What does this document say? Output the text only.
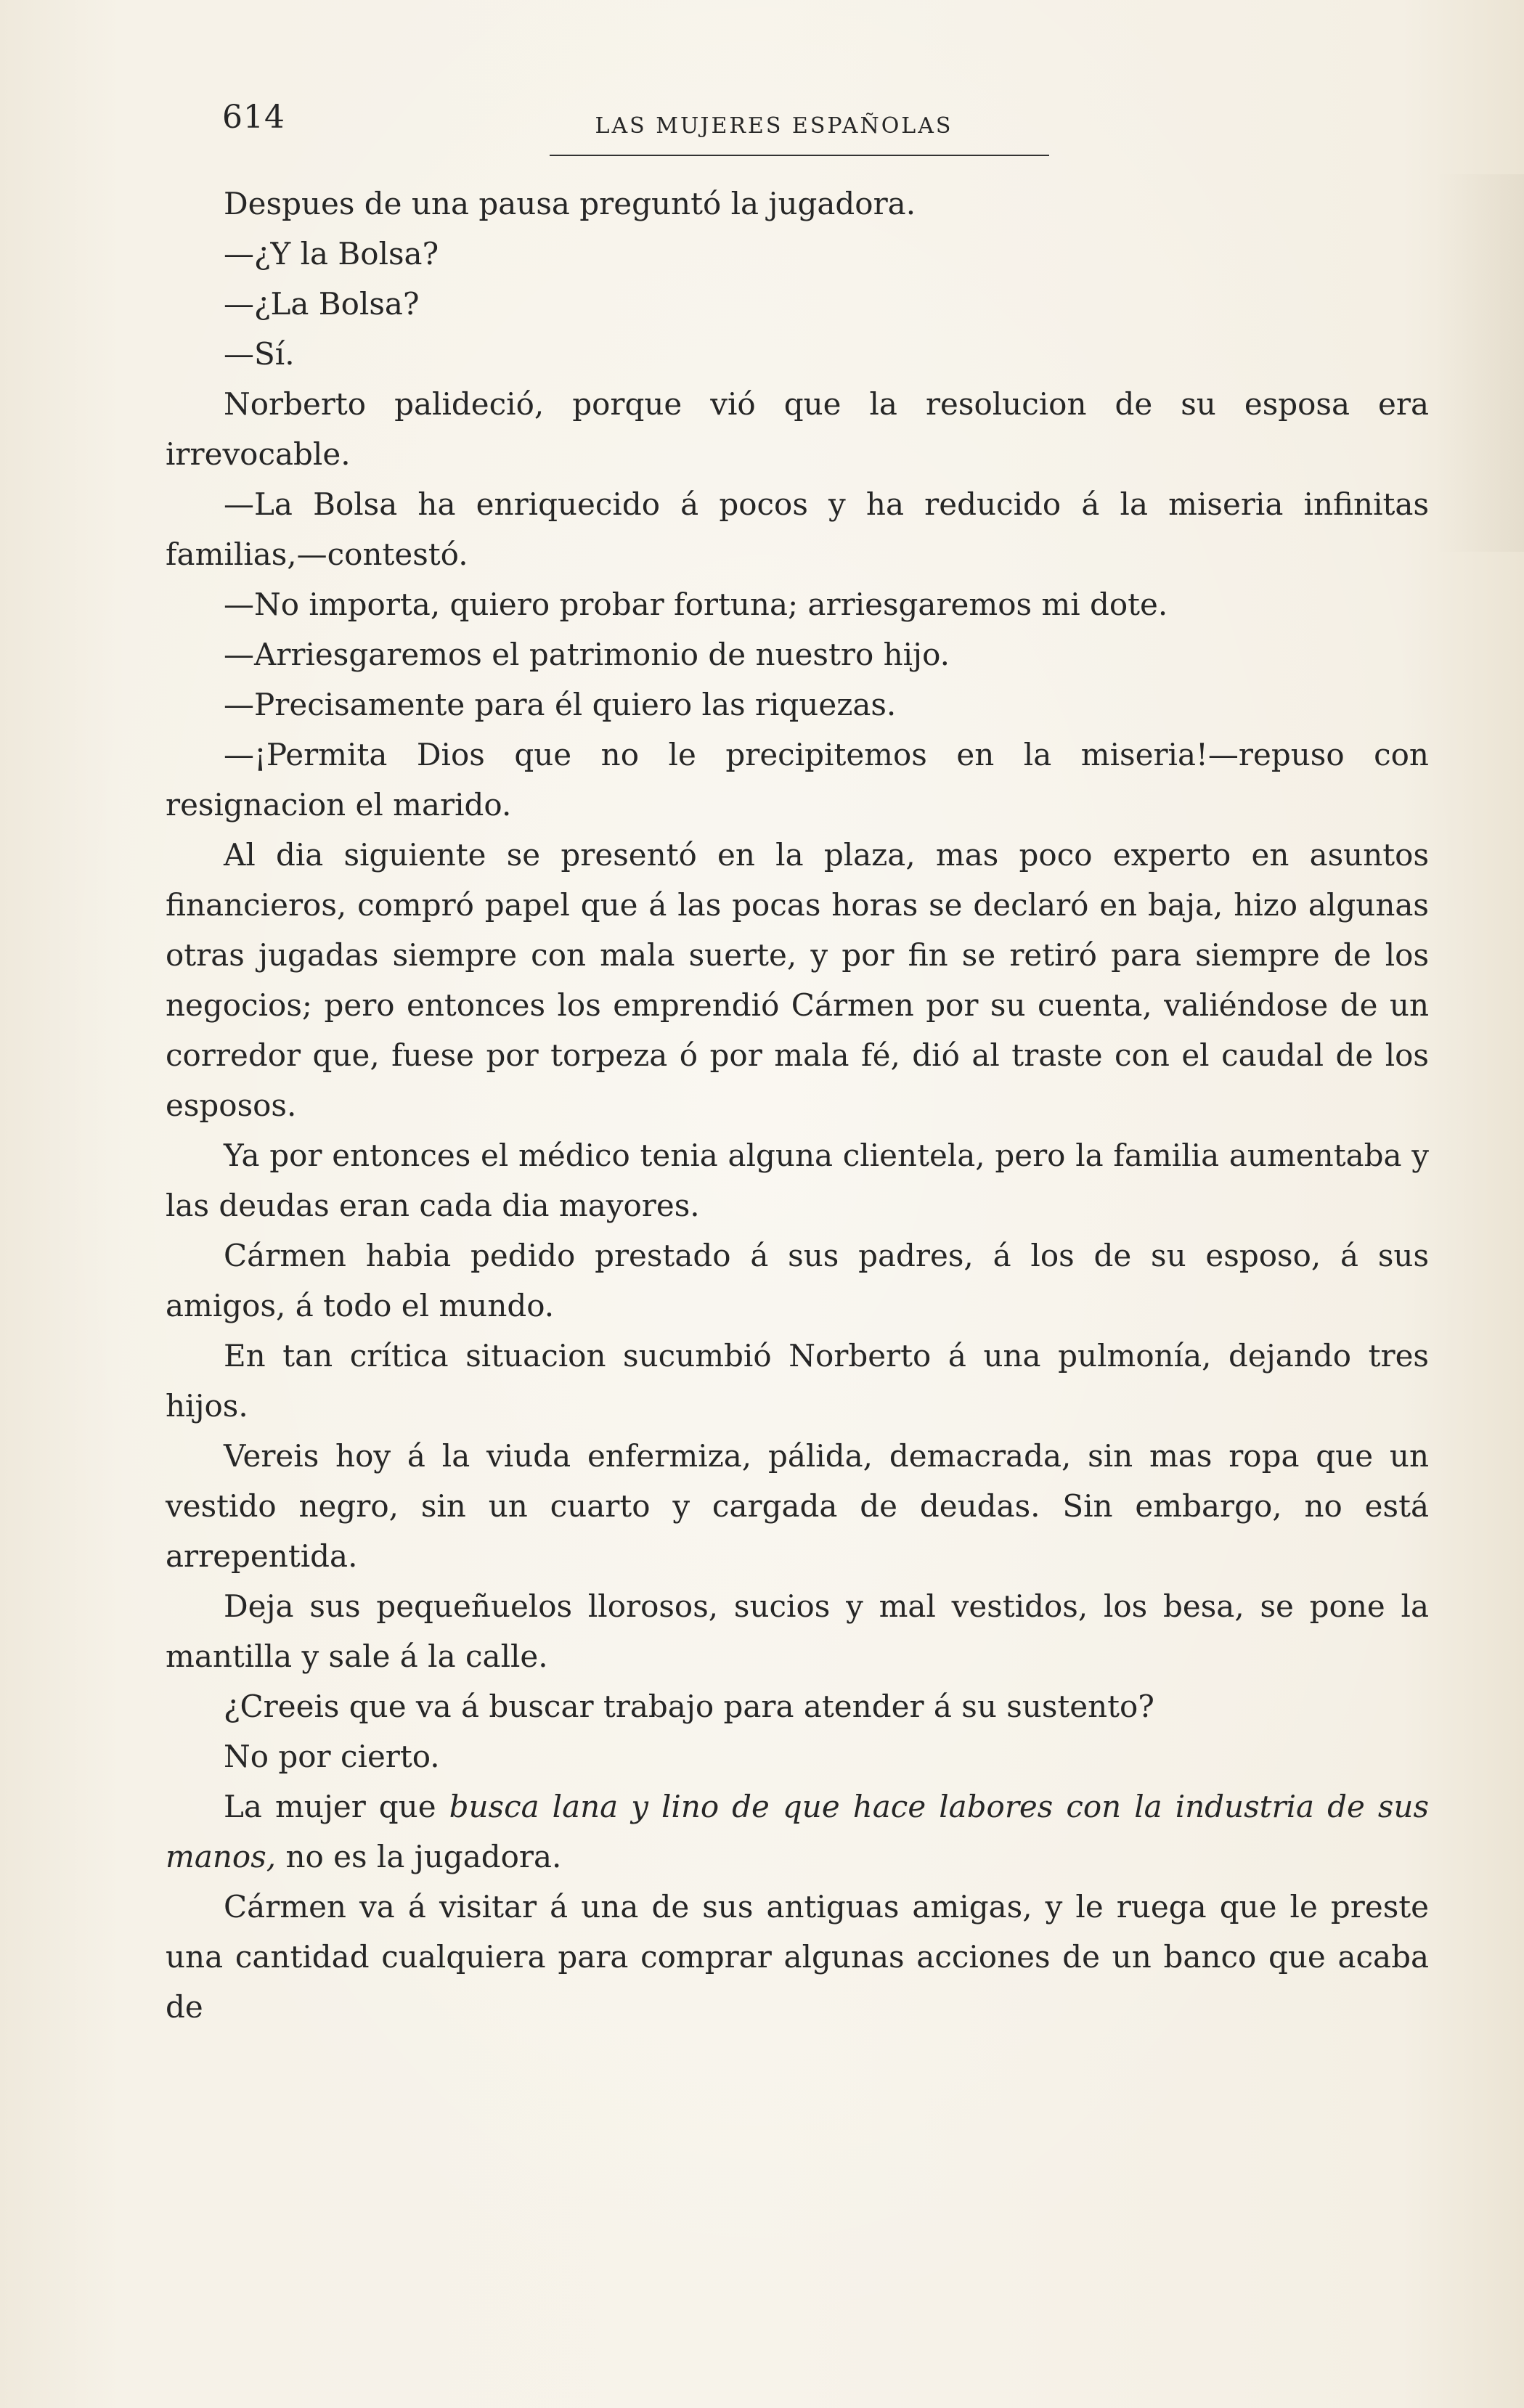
614	LAS MUJERES ESPAÑOLAS

Despues de una pausa preguntó la jugadora.

—¿Y la Bolsa?

—¿La Bolsa?

—Sí.

Norberto palideció, porque vió que la resolucion de su esposa era irrevocable.

—La Bolsa ha enriquecido á pocos y ha reducido á la miseria infinitas familias,—contestó.

—No importa, quiero probar fortuna; arriesgaremos mi dote.

—Arriesgaremos el patrimonio de nuestro hijo.

—Precisamente para él quiero las riquezas.

—¡Permita Dios que no le precipitemos en la miseria!—repuso con resignacion el marido.

Al dia siguiente se presentó en la plaza, mas poco experto en asuntos financieros, compró papel que á las pocas horas se declaró en baja, hizo algunas otras jugadas siempre con mala suerte, y por fin se retiró para siempre de los negocios; pero entonces los emprendió Cármen por su cuenta, valiéndose de un corredor que, fuese por torpeza ó por mala fé, dió al traste con el caudal de los esposos.

Ya por entonces el médico tenia alguna clientela, pero la familia aumentaba y las deudas eran cada dia mayores.

Cármen habia pedido prestado á sus padres, á los de su esposo, á sus amigos, á todo el mundo.

En tan crítica situacion sucumbió Norberto á una pulmonía, dejando tres hijos.

Vereis hoy á la viuda enfermiza, pálida, demacrada, sin mas ropa que un vestido negro, sin un cuarto y cargada de deudas. Sin embargo, no está arrepentida.

Deja sus pequeñuelos llorosos, sucios y mal vestidos, los besa, se pone la mantilla y sale á la calle.

¿Creeis que va á buscar trabajo para atender á su sustento?

No por cierto.

La mujer que busca lana y lino de que hace labores con la industria de sus manos, no es la jugadora.

Cármen va á visitar á una de sus antiguas amigas, y le ruega que le preste una cantidad cualquiera para comprar algunas acciones de un banco que acaba de
